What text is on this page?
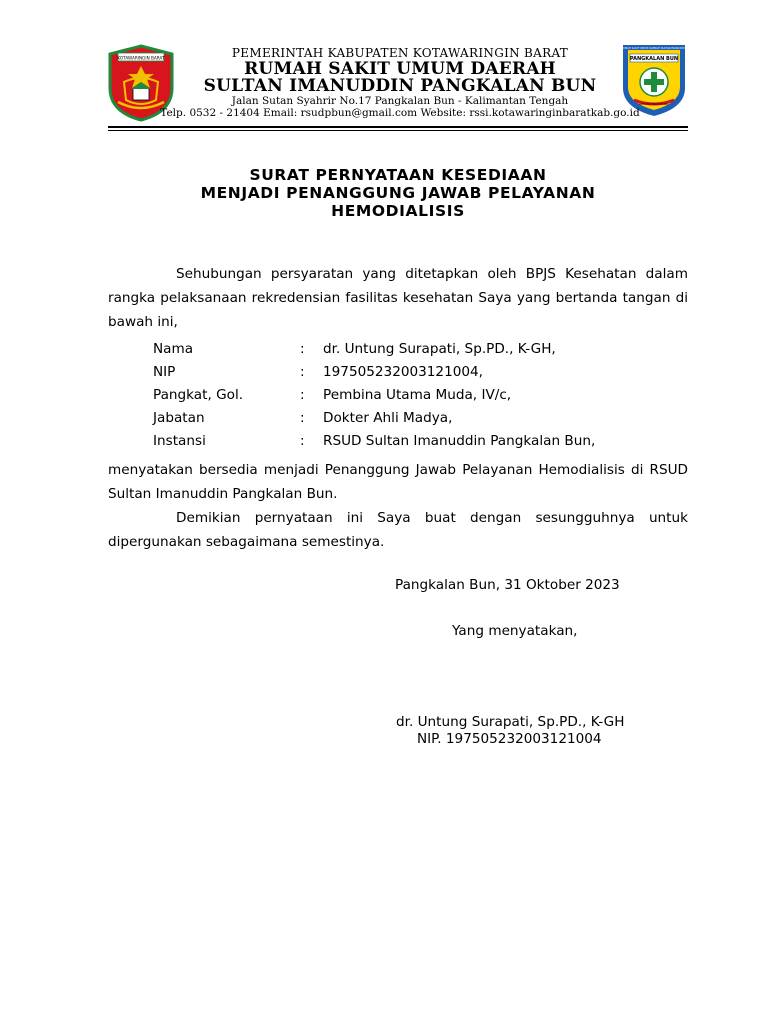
KOTAWARINGIN BARAT
RUMAH SAKIT UMUM DAERAH SULTAN IMANUDDIN
PANGKALAN BUN
KOTAWARINGIN BARAT
PEMERINTAH KABUPATEN KOTAWARINGIN BARAT
RUMAH SAKIT UMUM DAERAH
SULTAN IMANUDDIN PANGKALAN BUN
Jalan Sutan Syahrir No.17 Pangkalan Bun - Kalimantan Tengah
Telp. 0532 - 21404 Email: rsudpbun@gmail.com Website: rssi.kotawaringinbaratkab.go.id
SURAT PERNYATAAN KESEDIAAN
MENJADI PENANGGUNG JAWAB PELAYANAN
HEMODIALISIS
Sehubungan persyaratan yang ditetapkan oleh BPJS Kesehatan dalam rangka pelaksanaan rekredensian fasilitas kesehatan Saya yang bertanda tangan di bawah ini,
Nama	: dr. Untung Surapati, Sp.PD., K-GH,
NIP	: 197505232003121004,
Pangkat, Gol.	: Pembina Utama Muda, IV/c,
Jabatan	: Dokter Ahli Madya,
Instansi	: RSUD Sultan Imanuddin Pangkalan Bun,
menyatakan bersedia menjadi Penanggung Jawab Pelayanan Hemodialisis di RSUD Sultan Imanuddin Pangkalan Bun.
Demikian pernyataan ini Saya buat dengan sesungguhnya untuk dipergunakan sebagaimana semestinya.
Pangkalan Bun, 31 Oktober 2023
Yang menyatakan,
dr. Untung Surapati, Sp.PD., K-GH
NIP. 197505232003121004
